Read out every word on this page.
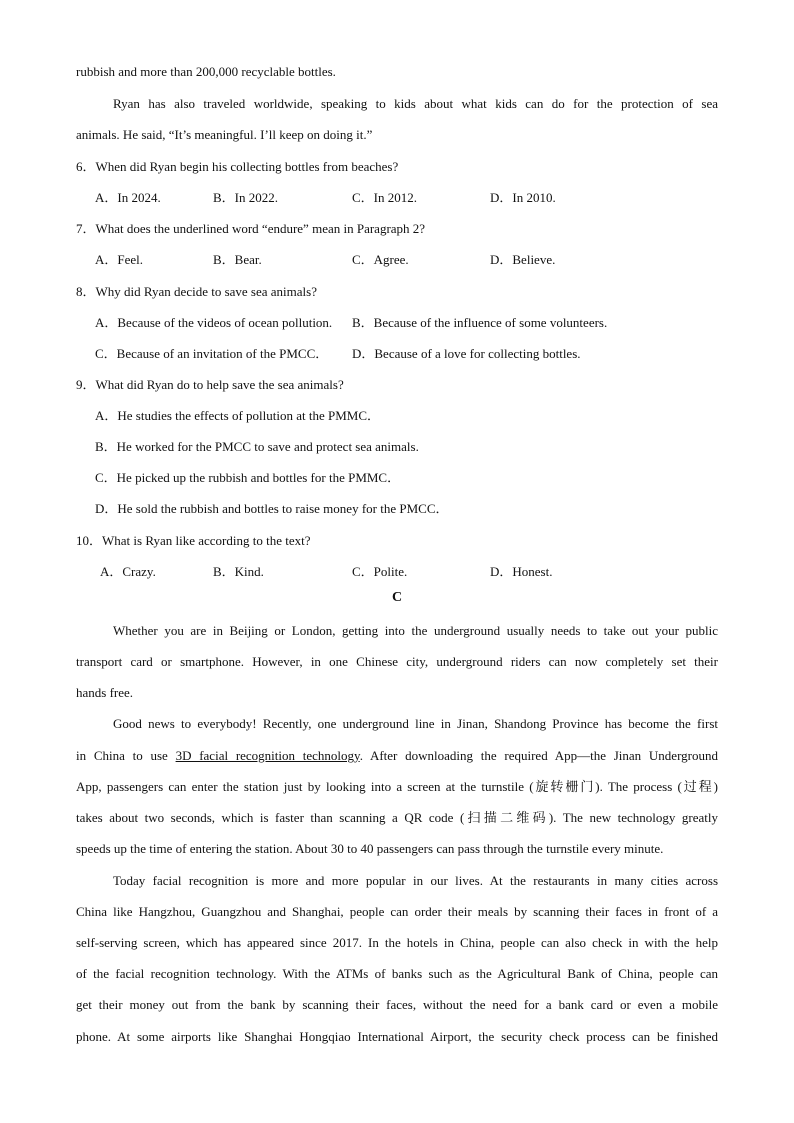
rubbish and more than 200,000 recyclable bottles.
Ryan has also traveled worldwide, speaking to kids about what kids can do for the protection of sea
animals. He said, “It’s meaningful. I’ll keep on doing it.”
6．When did Ryan begin his collecting bottles from beaches?
A．In 2024.	B．In 2022.	C．In 2012.	D．In 2010.
7．What does the underlined word “endure” mean in Paragraph 2?
A．Feel.	B．Bear.	C．Agree.	D．Believe.
8．Why did Ryan decide to save sea animals?
A．Because of the videos of ocean pollution. B．Because of the influence of some volunteers.
C．Because of an invitation of the PMCC． D．Because of a love for collecting bottles.
9．What did Ryan do to help save the sea animals?
A．He studies the effects of pollution at the PMMC．
B．He worked for the PMCC to save and protect sea animals.
C．He picked up the rubbish and bottles for the PMMC．
D．He sold the rubbish and bottles to raise money for the PMCC．
10．What is Ryan like according to the text?
A．Crazy.	B．Kind.	C．Polite.	D．Honest.
C
Whether you are in Beijing or London, getting into the underground usually needs to take out your public
transport card or smartphone. However, in one Chinese city, underground riders can now completely set their
hands free.
Good news to everybody! Recently, one underground line in Jinan, Shandong Province has become the first
in China to use 3D facial recognition technology. After downloading the required App—the Jinan Underground
App, passengers can enter the station just by looking into a screen at the turnstile (旋转栅门). The process (过程)
takes about two seconds, which is faster than scanning a QR code (扫描二维码). The new technology greatly
speeds up the time of entering the station. About 30 to 40 passengers can pass through the turnstile every minute.
Today facial recognition is more and more popular in our lives. At the restaurants in many cities across
China like Hangzhou, Guangzhou and Shanghai, people can order their meals by scanning their faces in front of a
self-serving screen, which has appeared since 2017. In the hotels in China, people can also check in with the help
of the facial recognition technology. With the ATMs of banks such as the Agricultural Bank of China, people can
get their money out from the bank by scanning their faces, without the need for a bank card or even a mobile
phone. At some airports like Shanghai Hongqiao International Airport, the security check process can be finished
